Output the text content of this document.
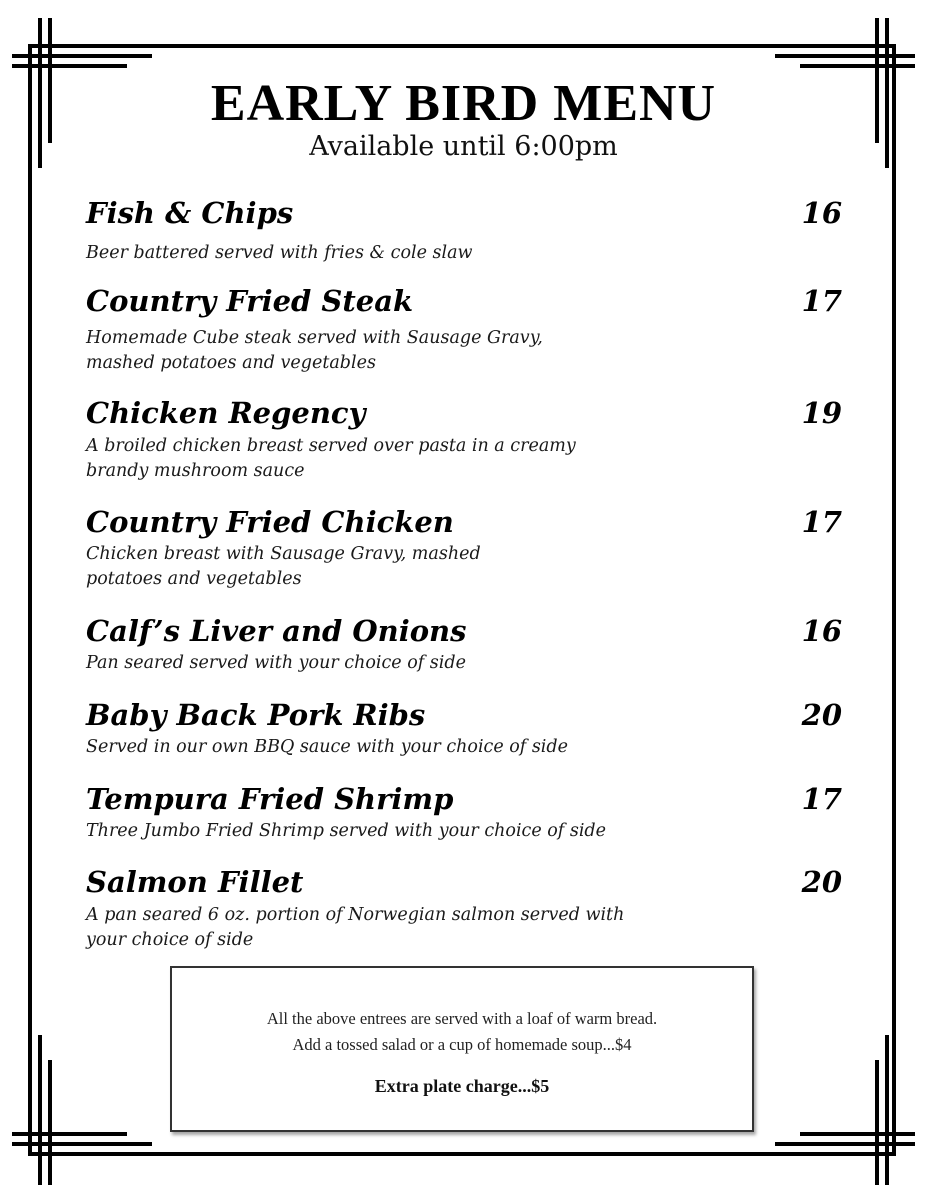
EARLY BIRD MENU
Available until 6:00pm
Fish & Chips	16
Beer battered served with fries & cole slaw
Country Fried Steak	17
Homemade Cube steak served with Sausage Gravy,
mashed potatoes and vegetables
Chicken Regency	19
A broiled chicken breast served over pasta in a creamy
brandy mushroom sauce
Country Fried Chicken	17
Chicken breast with Sausage Gravy, mashed
potatoes and vegetables
Calf’s Liver and Onions	16
Pan seared served with your choice of side
Baby Back Pork Ribs	20
Served in our own BBQ sauce with your choice of side
Tempura Fried Shrimp	17
Three Jumbo Fried Shrimp served with your choice of side
Salmon Fillet	20
A pan seared 6 oz. portion of Norwegian salmon served with
your choice of side
All the above entrees are served with a loaf of warm bread.
Add a tossed salad or a cup of homemade soup...$4
Extra plate charge...$5
